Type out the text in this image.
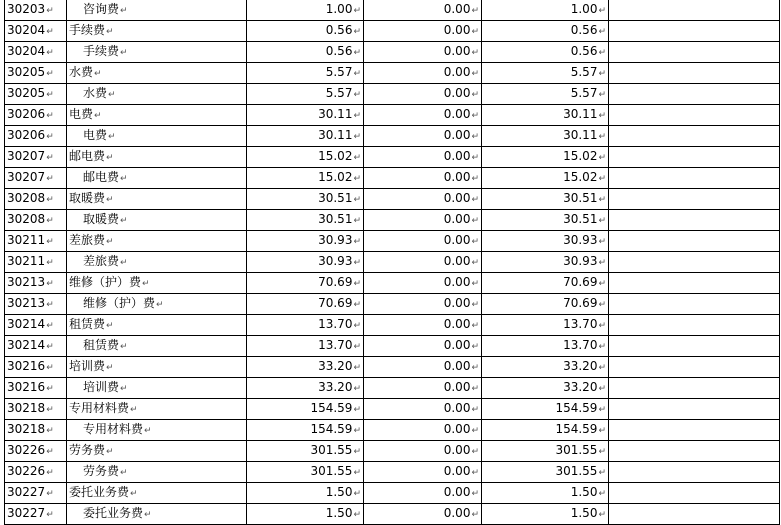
30203↵	咨询费↵	1.00↵	0.00↵	1.00↵	
30204↵	手续费↵	0.56↵	0.00↵	0.56↵	
30204↵	手续费↵	0.56↵	0.00↵	0.56↵	
30205↵	水费↵	5.57↵	0.00↵	5.57↵	
30205↵	水费↵	5.57↵	0.00↵	5.57↵	
30206↵	电费↵	30.11↵	0.00↵	30.11↵	
30206↵	电费↵	30.11↵	0.00↵	30.11↵	
30207↵	邮电费↵	15.02↵	0.00↵	15.02↵	
30207↵	邮电费↵	15.02↵	0.00↵	15.02↵	
30208↵	取暖费↵	30.51↵	0.00↵	30.51↵	
30208↵	取暖费↵	30.51↵	0.00↵	30.51↵	
30211↵	差旅费↵	30.93↵	0.00↵	30.93↵	
30211↵	差旅费↵	30.93↵	0.00↵	30.93↵	
30213↵	维修（护）费↵	70.69↵	0.00↵	70.69↵	
30213↵	维修（护）费↵	70.69↵	0.00↵	70.69↵	
30214↵	租赁费↵	13.70↵	0.00↵	13.70↵	
30214↵	租赁费↵	13.70↵	0.00↵	13.70↵	
30216↵	培训费↵	33.20↵	0.00↵	33.20↵	
30216↵	培训费↵	33.20↵	0.00↵	33.20↵	
30218↵	专用材料费↵	154.59↵	0.00↵	154.59↵	
30218↵	专用材料费↵	154.59↵	0.00↵	154.59↵	
30226↵	劳务费↵	301.55↵	0.00↵	301.55↵	
30226↵	劳务费↵	301.55↵	0.00↵	301.55↵	
30227↵	委托业务费↵	1.50↵	0.00↵	1.50↵	
30227↵	委托业务费↵	1.50↵	0.00↵	1.50↵	
